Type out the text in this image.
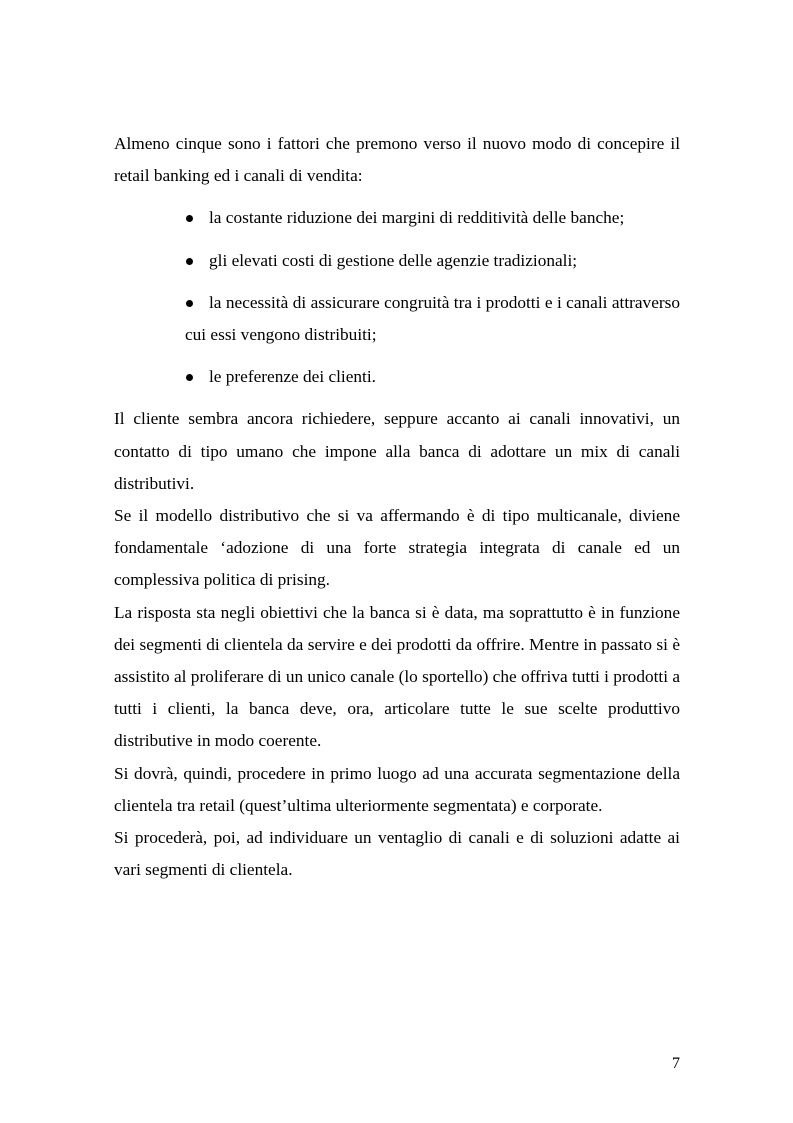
Almeno cinque sono i fattori che premono verso il nuovo modo di concepire il retail banking ed i canali di vendita:

la costante riduzione dei margini di redditività delle banche;
gli elevati costi di gestione delle agenzie tradizionali;
la necessità di assicurare congruità tra i prodotti e i canali attraverso cui essi vengono distribuiti;
le preferenze dei clienti.

Il cliente sembra ancora richiedere, seppure accanto ai canali innovativi, un contatto di tipo umano che impone alla banca di adottare un mix di canali distributivi.

Se il modello distributivo che si va affermando è di tipo multicanale, diviene fondamentale ‘adozione di una forte strategia integrata di canale ed un complessiva politica di prising.

La risposta sta negli obiettivi che la banca si è data, ma soprattutto è in funzione dei segmenti di clientela da servire e dei prodotti da offrire. Mentre in passato si è assistito al proliferare di un unico canale (lo sportello) che offriva tutti i prodotti a tutti i clienti, la banca deve, ora, articolare tutte le sue scelte produttivo distributive in modo coerente.

Si dovrà, quindi, procedere in primo luogo ad una accurata segmentazione della clientela tra retail (quest’ultima ulteriormente segmentata) e corporate.

Si procederà, poi, ad individuare un ventaglio di canali e di soluzioni adatte ai vari segmenti di clientela.

7
